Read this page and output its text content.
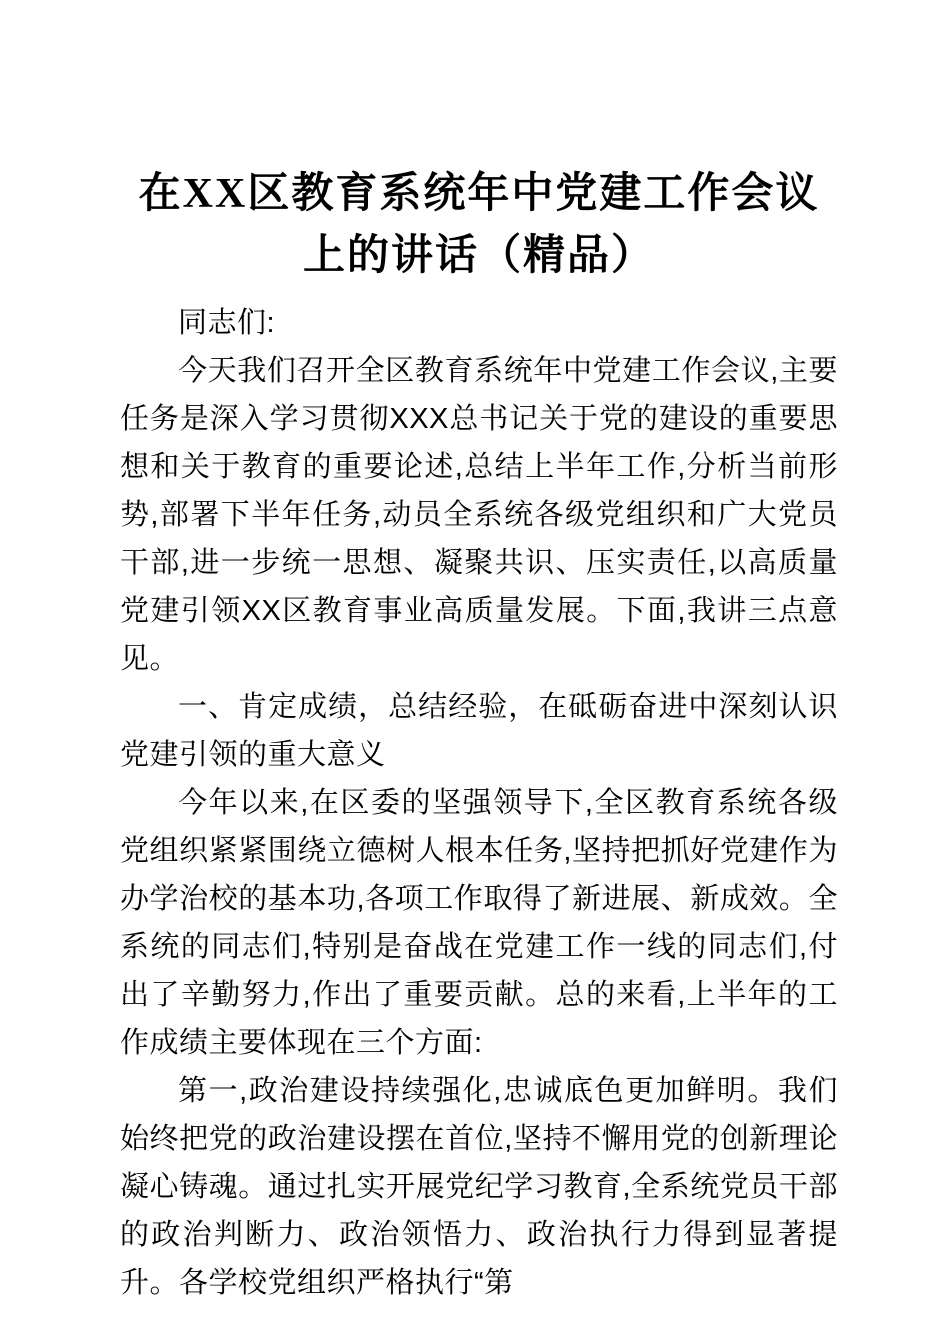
在XX区教育系统年中党建工作会议上的讲话（精品）

同志们:

今天我们召开全区教育系统年中党建工作会议,主要任务是深入学习贯彻XXX总书记关于党的建设的重要思想和关于教育的重要论述,总结上半年工作,分析当前形势,部署下半年任务,动员全系统各级党组织和广大党员干部,进一步统一思想、凝聚共识、压实责任,以高质量党建引领XX区教育事业高质量发展。下面,我讲三点意见。

一、肯定成绩，总结经验，在砥砺奋进中深刻认识党建引领的重大意义

今年以来,在区委的坚强领导下,全区教育系统各级党组织紧紧围绕立德树人根本任务,坚持把抓好党建作为办学治校的基本功,各项工作取得了新进展、新成效。全系统的同志们,特别是奋战在党建工作一线的同志们,付出了辛勤努力,作出了重要贡献。总的来看,上半年的工作成绩主要体现在三个方面:

第一,政治建设持续强化,忠诚底色更加鲜明。我们始终把党的政治建设摆在首位,坚持不懈用党的创新理论凝心铸魂。通过扎实开展党纪学习教育,全系统党员干部的政治判断力、政治领悟力、政治执行力得到显著提升。各学校党组织严格执行“第
